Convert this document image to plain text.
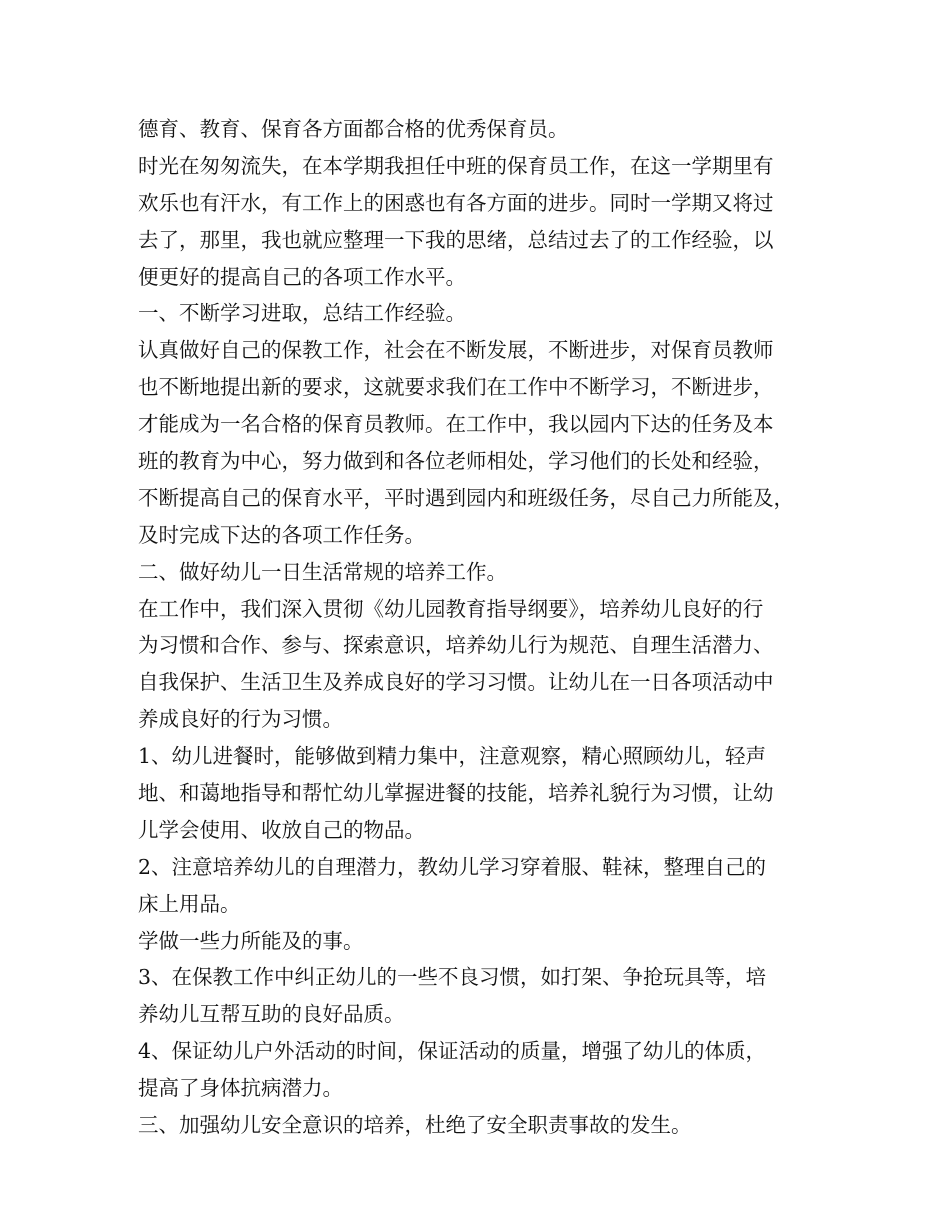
德育、教育、保育各方面都合格的优秀保育员。
时光在匆匆流失，在本学期我担任中班的保育员工作，在这一学期里有
欢乐也有汗水，有工作上的困惑也有各方面的进步。同时一学期又将过
去了，那里，我也就应整理一下我的思绪，总结过去了的工作经验，以
便更好的提高自己的各项工作水平。
一、不断学习进取，总结工作经验。
认真做好自己的保教工作，社会在不断发展，不断进步，对保育员教师
也不断地提出新的要求，这就要求我们在工作中不断学习，不断进步，
才能成为一名合格的保育员教师。在工作中，我以园内下达的任务及本
班的教育为中心，努力做到和各位老师相处，学习他们的长处和经验，
不断提高自己的保育水平，平时遇到园内和班级任务，尽自己力所能及，
及时完成下达的各项工作任务。
二、做好幼儿一日生活常规的培养工作。
在工作中，我们深入贯彻《幼儿园教育指导纲要》，培养幼儿良好的行
为习惯和合作、参与、探索意识，培养幼儿行为规范、自理生活潜力、
自我保护、生活卫生及养成良好的学习习惯。让幼儿在一日各项活动中
养成良好的行为习惯。
1、幼儿进餐时，能够做到精力集中，注意观察，精心照顾幼儿，轻声
地、和蔼地指导和帮忙幼儿掌握进餐的技能，培养礼貌行为习惯，让幼
儿学会使用、收放自己的物品。
2、注意培养幼儿的自理潜力，教幼儿学习穿着服、鞋袜，整理自己的
床上用品。
学做一些力所能及的事。
3、在保教工作中纠正幼儿的一些不良习惯，如打架、争抢玩具等，培
养幼儿互帮互助的良好品质。
4、保证幼儿户外活动的时间，保证活动的质量，增强了幼儿的体质，
提高了身体抗病潜力。
三、加强幼儿安全意识的培养，杜绝了安全职责事故的发生。
